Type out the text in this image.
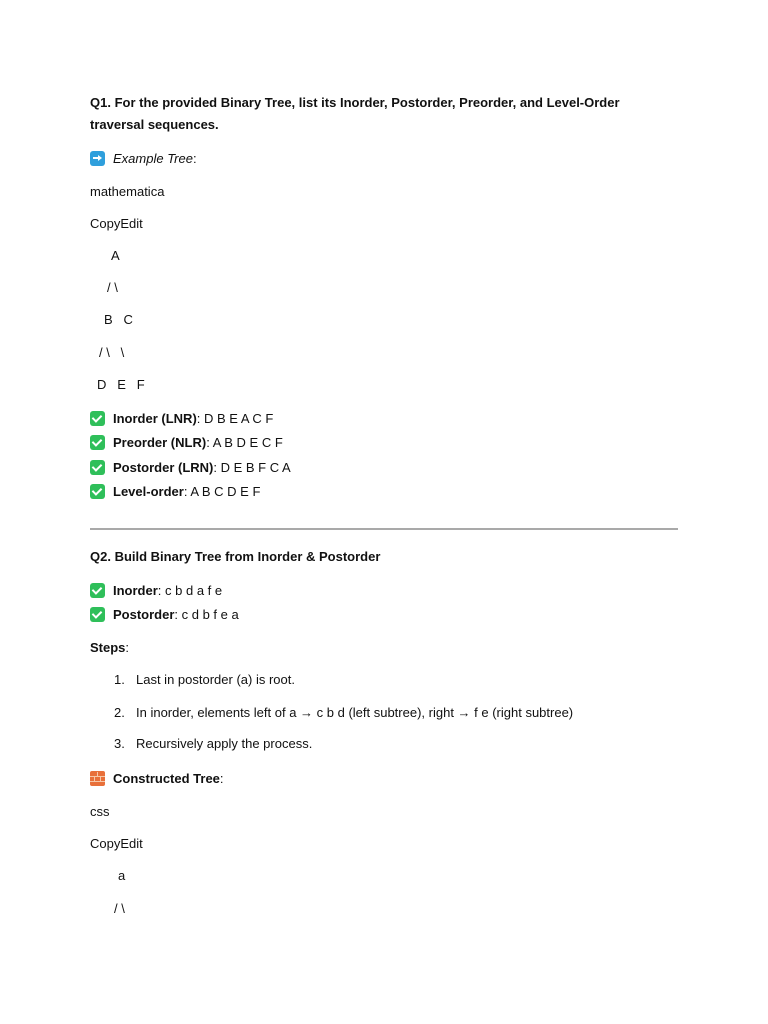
Q1. For the provided Binary Tree, list its Inorder, Postorder, Preorder, and Level-Order
traversal sequences.
Example Tree:
mathematica
CopyEdit
A
/ \
B   C
/ \   \
D   E   F
Inorder (LNR): D B E A C F
Preorder (NLR): A B D E C F
Postorder (LRN): D E B F C A
Level-order: A B C D E F
Q2. Build Binary Tree from Inorder & Postorder
Inorder: c b d a f e
Postorder: c d b f e a
Steps:
1. Last in postorder (a) is root.
2. In inorder, elements left of a → c b d (left subtree), right → f e (right subtree)
3. Recursively apply the process.
Constructed Tree:
css
CopyEdit
a
/ \
